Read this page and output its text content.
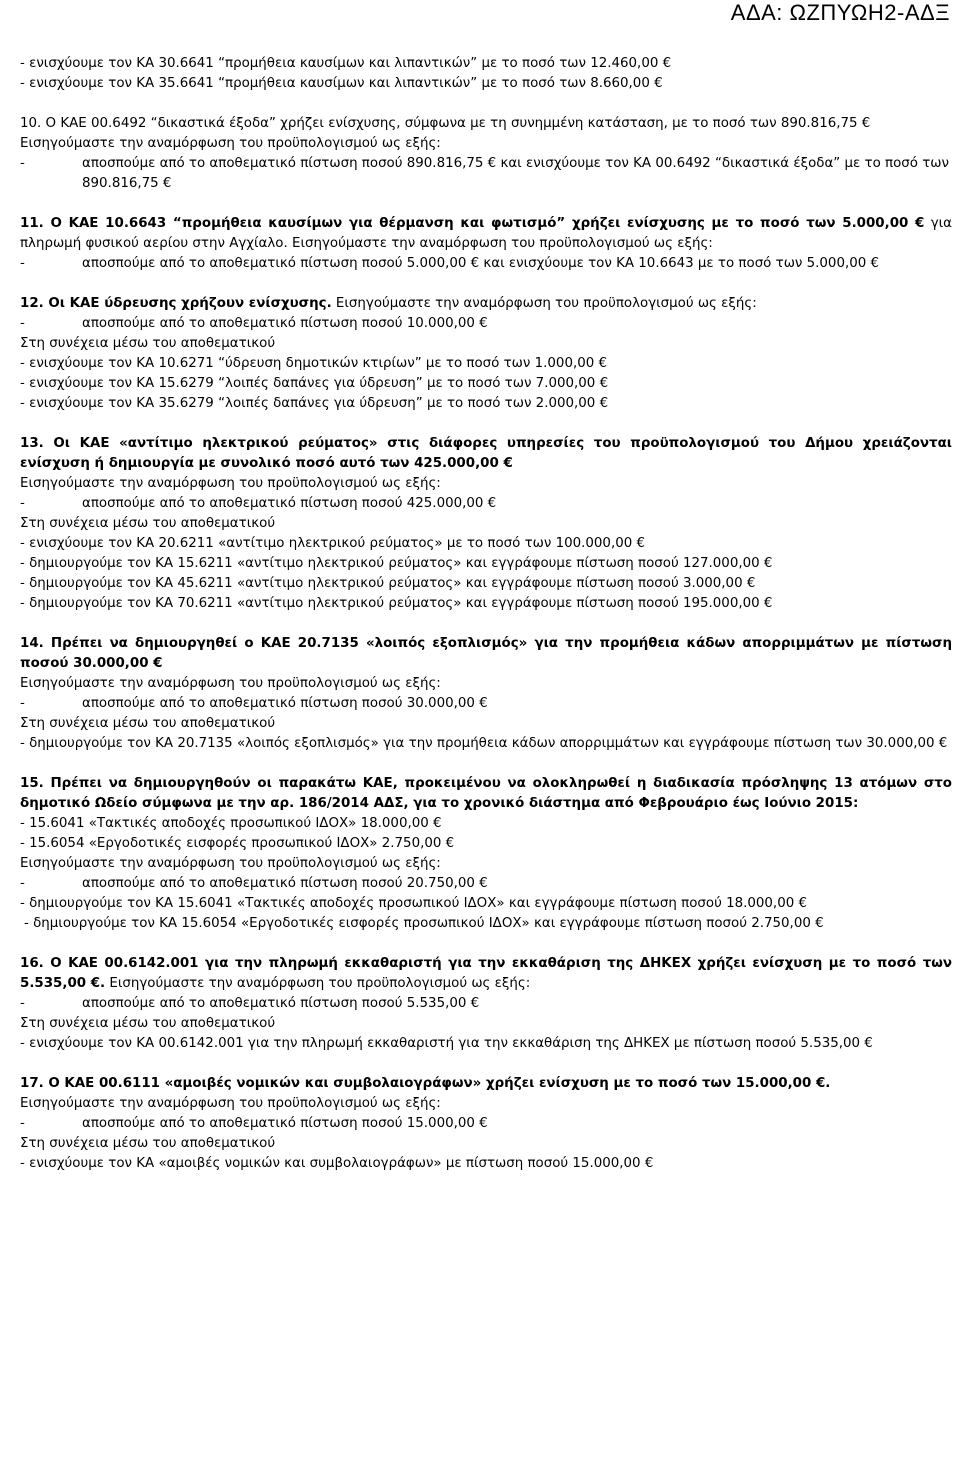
ΑΔΑ: ΩΖΠΥΩΗ2-ΑΔΞ

- ενισχύουμε τον ΚΑ 30.6641 “προμήθεια καυσίμων και λιπαντικών” με το ποσό των 12.460,00 €

- ενισχύουμε τον ΚΑ 35.6641 “προμήθεια καυσίμων και λιπαντικών” με το ποσό των 8.660,00 €

10. Ο ΚΑΕ 00.6492 “δικαστικά έξοδα” χρήζει ενίσχυσης, σύμφωνα με τη συνημμένη κατάσταση, με το ποσό των 890.816,75 €

Εισηγούμαστε την αναμόρφωση του προϋπολογισμού ως εξής:

-	αποσπούμε από το αποθεματικό πίστωση ποσού 890.816,75 € και ενισχύουμε τον ΚΑ 00.6492 “δικαστικά έξοδα” με το ποσό των 890.816,75 €

11. Ο ΚΑΕ 10.6643 “προμήθεια καυσίμων για θέρμανση και φωτισμό” χρήζει ενίσχυσης με το ποσό των 5.000,00 € για πληρωμή φυσικού αερίου στην Αγχίαλο. Εισηγούμαστε την αναμόρφωση του προϋπολογισμού ως εξής:

-	αποσπούμε από το αποθεματικό πίστωση ποσού 5.000,00 € και ενισχύουμε τον ΚΑ 10.6643 με το ποσό των 5.000,00 €

12. Οι ΚΑΕ ύδρευσης χρήζουν ενίσχυσης. Εισηγούμαστε την αναμόρφωση του προϋπολογισμού ως εξής:

-	αποσπούμε από το αποθεματικό πίστωση ποσού 10.000,00 €

Στη συνέχεια μέσω του αποθεματικού

- ενισχύουμε τον ΚΑ 10.6271 “ύδρευση δημοτικών κτιρίων” με το ποσό των 1.000,00 €

- ενισχύουμε τον ΚΑ 15.6279 “λοιπές δαπάνες για ύδρευση” με το ποσό των 7.000,00 €

- ενισχύουμε τον ΚΑ 35.6279 “λοιπές δαπάνες για ύδρευση” με το ποσό των 2.000,00 €

13. Οι ΚΑΕ «αντίτιμο ηλεκτρικού ρεύματος» στις διάφορες υπηρεσίες του προϋπολογισμού του Δήμου χρειάζονται ενίσχυση ή δημιουργία με συνολικό ποσό αυτό των 425.000,00 €

Εισηγούμαστε την αναμόρφωση του προϋπολογισμού ως εξής:

-	αποσπούμε από το αποθεματικό πίστωση ποσού 425.000,00 €

Στη συνέχεια μέσω του αποθεματικού

- ενισχύουμε τον ΚΑ 20.6211 «αντίτιμο ηλεκτρικού ρεύματος» με το ποσό των 100.000,00 €

- δημιουργούμε τον ΚΑ 15.6211 «αντίτιμο ηλεκτρικού ρεύματος» και εγγράφουμε πίστωση ποσού 127.000,00 €

- δημιουργούμε τον ΚΑ 45.6211 «αντίτιμο ηλεκτρικού ρεύματος» και εγγράφουμε πίστωση ποσού 3.000,00 €

- δημιουργούμε τον ΚΑ 70.6211 «αντίτιμο ηλεκτρικού ρεύματος» και εγγράφουμε πίστωση ποσού 195.000,00 €

14. Πρέπει να δημιουργηθεί ο ΚΑΕ 20.7135 «λοιπός εξοπλισμός» για την προμήθεια κάδων απορριμμάτων με πίστωση ποσού 30.000,00 €

Εισηγούμαστε την αναμόρφωση του προϋπολογισμού ως εξής:

-	αποσπούμε από το αποθεματικό πίστωση ποσού 30.000,00 €

Στη συνέχεια μέσω του αποθεματικού

- δημιουργούμε τον ΚΑ 20.7135 «λοιπός εξοπλισμός» για την προμήθεια κάδων απορριμμάτων και εγγράφουμε πίστωση των 30.000,00 €

15. Πρέπει να δημιουργηθούν οι παρακάτω ΚΑΕ, προκειμένου να ολοκληρωθεί η διαδικασία πρόσληψης 13 ατόμων στο δημοτικό Ωδείο σύμφωνα με την αρ. 186/2014 ΑΔΣ, για το χρονικό διάστημα από Φεβρουάριο έως Ιούνιο 2015:

- 15.6041 «Τακτικές αποδοχές προσωπικού ΙΔΟΧ» 18.000,00 €

- 15.6054 «Εργοδοτικές εισφορές προσωπικού ΙΔΟΧ» 2.750,00 €

Εισηγούμαστε την αναμόρφωση του προϋπολογισμού ως εξής:

-	αποσπούμε από το αποθεματικό πίστωση ποσού 20.750,00 €

- δημιουργούμε τον ΚΑ 15.6041 «Τακτικές αποδοχές προσωπικού ΙΔΟΧ» και εγγράφουμε πίστωση ποσού 18.000,00 €

- δημιουργούμε τον ΚΑ 15.6054 «Εργοδοτικές εισφορές προσωπικού ΙΔΟΧ» και εγγράφουμε πίστωση ποσού 2.750,00 €

16. Ο ΚΑΕ 00.6142.001 για την πληρωμή εκκαθαριστή για την εκκαθάριση της ΔΗΚΕΧ χρήζει ενίσχυση με το ποσό των 5.535,00 €. Εισηγούμαστε την αναμόρφωση του προϋπολογισμού ως εξής:

-	αποσπούμε από το αποθεματικό πίστωση ποσού 5.535,00 €

Στη συνέχεια μέσω του αποθεματικού

- ενισχύουμε τον ΚΑ 00.6142.001 για την πληρωμή εκκαθαριστή για την εκκαθάριση της ΔΗΚΕΧ με πίστωση ποσού 5.535,00 €

17. Ο ΚΑΕ 00.6111 «αμοιβές νομικών και συμβολαιογράφων» χρήζει ενίσχυση με το ποσό των 15.000,00 €.

Εισηγούμαστε την αναμόρφωση του προϋπολογισμού ως εξής:

-	αποσπούμε από το αποθεματικό πίστωση ποσού 15.000,00 €

Στη συνέχεια μέσω του αποθεματικού

- ενισχύουμε τον ΚΑ «αμοιβές νομικών και συμβολαιογράφων» με πίστωση ποσού 15.000,00 €
